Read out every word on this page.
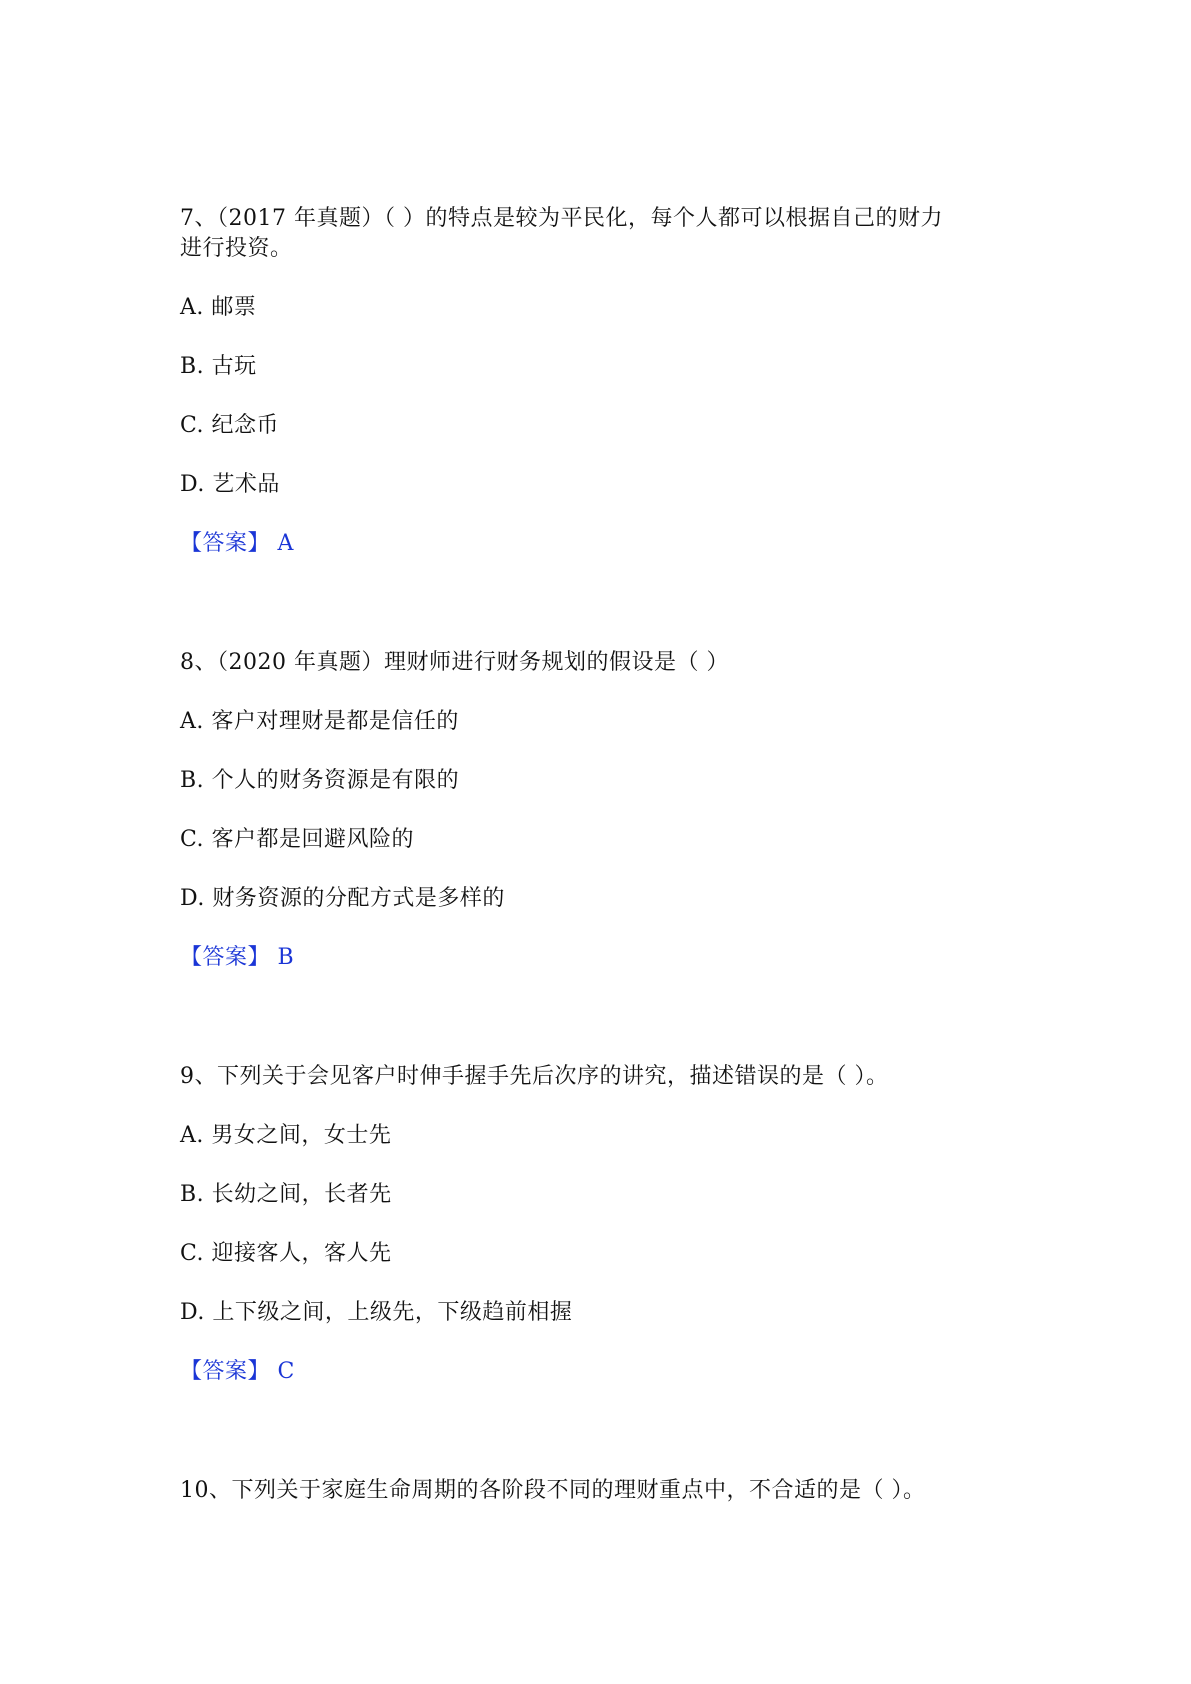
7、（2017 年真题）（ ）的特点是较为平民化，每个人都可以根据自己的财力
进行投资。
A. 邮票
B. 古玩
C. 纪念币
D. 艺术品
【答案】 A
8、（2020 年真题）理财师进行财务规划的假设是（ ）
A. 客户对理财是都是信任的
B. 个人的财务资源是有限的
C. 客户都是回避风险的
D. 财务资源的分配方式是多样的
【答案】 B
9、下列关于会见客户时伸手握手先后次序的讲究，描述错误的是（ ）。
A. 男女之间，女士先
B. 长幼之间，长者先
C. 迎接客人，客人先
D. 上下级之间，上级先，下级趋前相握
【答案】 C
10、下列关于家庭生命周期的各阶段不同的理财重点中，不合适的是（ ）。
